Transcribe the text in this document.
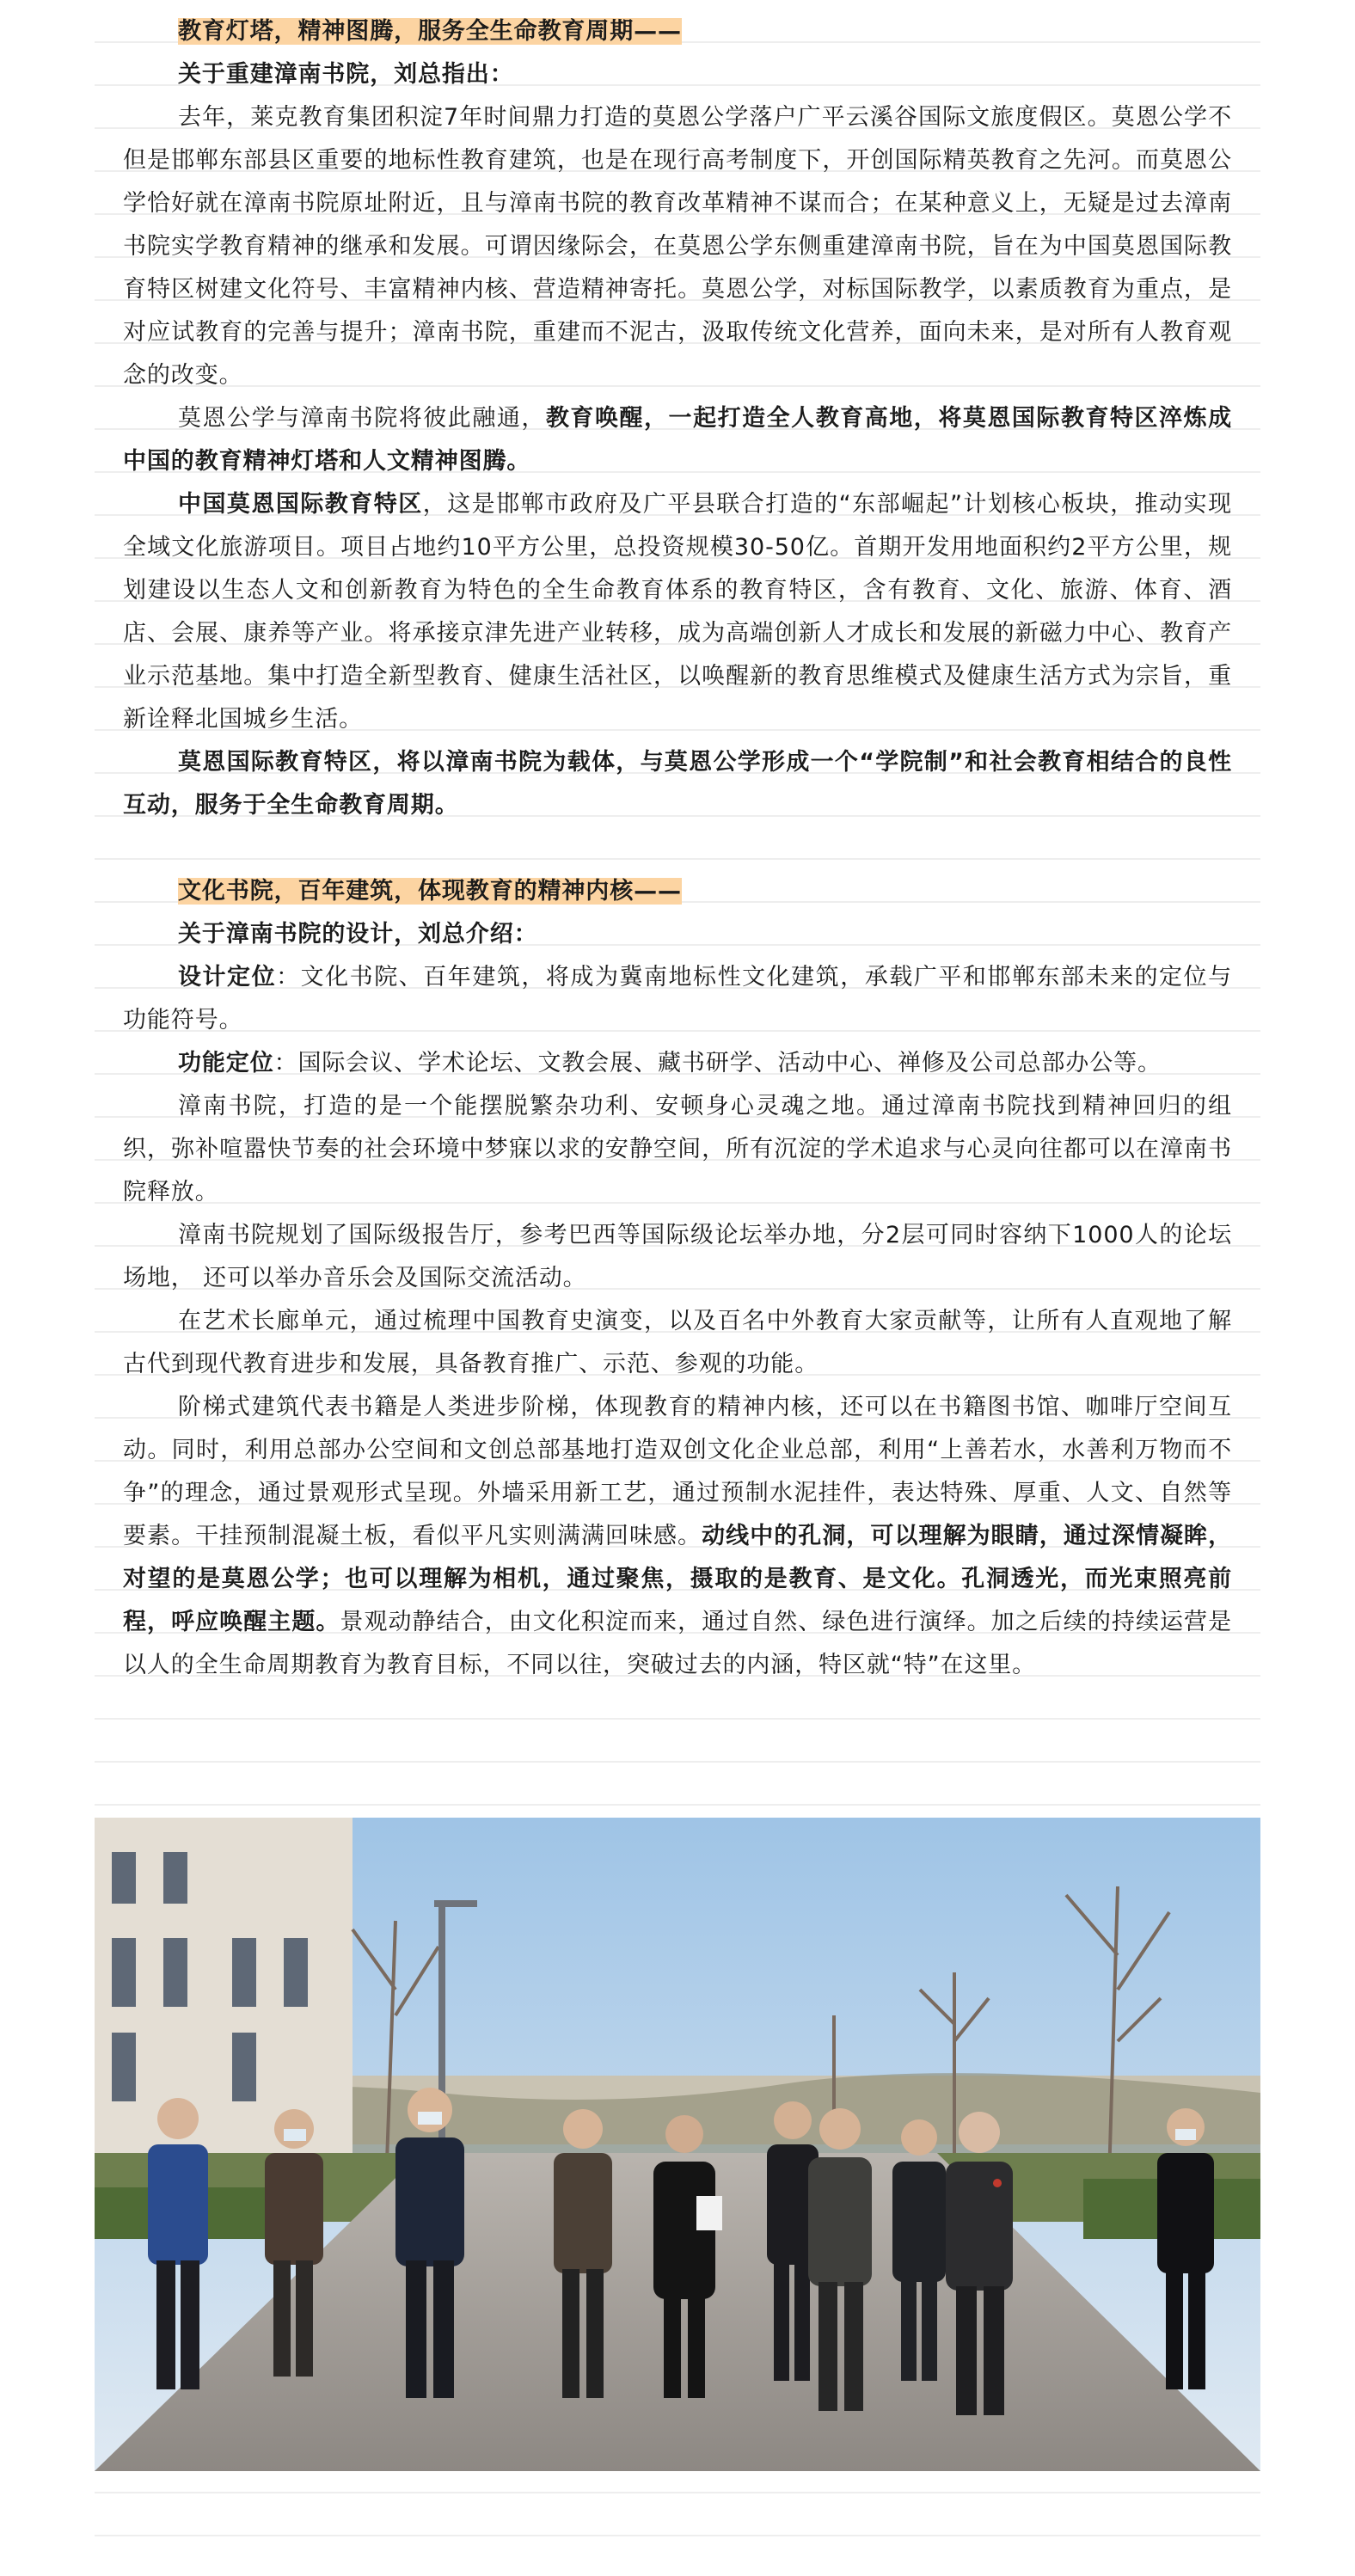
教育灯塔，精神图腾，服务全生命教育周期——

关于重建漳南书院，刘总指出：

去年，莱克教育集团积淀7年时间鼎力打造的莫恩公学落户广平云溪谷国际文旅度假区。莫恩公学不但是邯郸东部县区重要的地标性教育建筑，也是在现行高考制度下，开创国际精英教育之先河。而莫恩公学恰好就在漳南书院原址附近，且与漳南书院的教育改革精神不谋而合；在某种意义上，无疑是过去漳南书院实学教育精神的继承和发展。可谓因缘际会，在莫恩公学东侧重建漳南书院，旨在为中国莫恩国际教育特区树建文化符号、丰富精神内核、营造精神寄托。莫恩公学，对标国际教学，以素质教育为重点，是对应试教育的完善与提升；漳南书院，重建而不泥古，汲取传统文化营养，面向未来，是对所有人教育观念的改变。

莫恩公学与漳南书院将彼此融通，教育唤醒，一起打造全人教育高地，将莫恩国际教育特区淬炼成中国的教育精神灯塔和人文精神图腾。

中国莫恩国际教育特区，这是邯郸市政府及广平县联合打造的“东部崛起”计划核心板块，推动实现全域文化旅游项目。项目占地约10平方公里，总投资规模30-50亿。首期开发用地面积约2平方公里，规划建设以生态人文和创新教育为特色的全生命教育体系的教育特区，含有教育、文化、旅游、体育、酒店、会展、康养等产业。将承接京津先进产业转移，成为高端创新人才成长和发展的新磁力中心、教育产业示范基地。集中打造全新型教育、健康生活社区，以唤醒新的教育思维模式及健康生活方式为宗旨，重新诠释北国城乡生活。

莫恩国际教育特区，将以漳南书院为载体，与莫恩公学形成一个“学院制”和社会教育相结合的良性互动，服务于全生命教育周期。

文化书院，百年建筑，体现教育的精神内核——

关于漳南书院的设计，刘总介绍：

设计定位：文化书院、百年建筑，将成为冀南地标性文化建筑，承载广平和邯郸东部未来的定位与功能符号。

功能定位：国际会议、学术论坛、文教会展、藏书研学、活动中心、禅修及公司总部办公等。

漳南书院，打造的是一个能摆脱繁杂功利、安顿身心灵魂之地。通过漳南书院找到精神回归的组织，弥补喧嚣快节奏的社会环境中梦寐以求的安静空间，所有沉淀的学术追求与心灵向往都可以在漳南书院释放。

漳南书院规划了国际级报告厅，参考巴西等国际级论坛举办地，分2层可同时容纳下1000人的论坛场地， 还可以举办音乐会及国际交流活动。

在艺术长廊单元，通过梳理中国教育史演变，以及百名中外教育大家贡献等，让所有人直观地了解古代到现代教育进步和发展，具备教育推广、示范、参观的功能。

阶梯式建筑代表书籍是人类进步阶梯，体现教育的精神内核，还可以在书籍图书馆、咖啡厅空间互动。同时，利用总部办公空间和文创总部基地打造双创文化企业总部，利用“上善若水，水善利万物而不争”的理念，通过景观形式呈现。外墙采用新工艺，通过预制水泥挂件，表达特殊、厚重、人文、自然等要素。干挂预制混凝土板，看似平凡实则满满回味感。动线中的孔洞，可以理解为眼睛，通过深情凝眸，对望的是莫恩公学；也可以理解为相机，通过聚焦，摄取的是教育、是文化。孔洞透光，而光束照亮前程，呼应唤醒主题。景观动静结合，由文化积淀而来，通过自然、绿色进行演绎。加之后续的持续运营是以人的全生命周期教育为教育目标，不同以往，突破过去的内涵，特区就“特”在这里。
